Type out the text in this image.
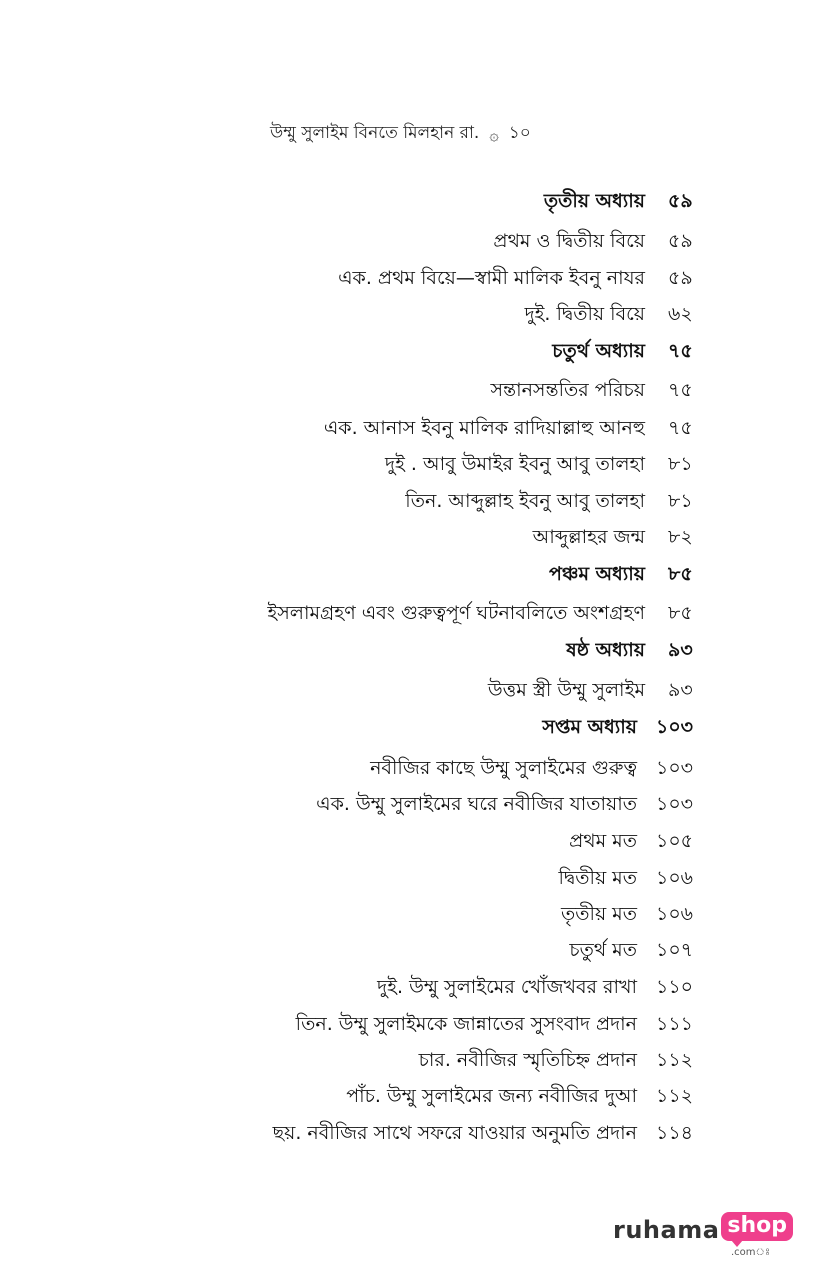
উম্মু সুলাইম বিনতে মিলহান রা. ۞ ১০
তৃতীয় অধ্যায় ৫৯
প্রথম ও দ্বিতীয় বিয়ে ৫৯
এক. প্রথম বিয়ে—স্বামী মালিক ইবনু নাযর ৫৯
দুই. দ্বিতীয় বিয়ে ৬২
চতুর্থ অধ্যায় ৭৫
সন্তানসন্ততির পরিচয় ৭৫
এক. আনাস ইবনু মালিক রাদিয়াল্লাহু আনহু ৭৫
দুই . আবু উমাইর ইবনু আবু তালহা ৮১
তিন. আব্দুল্লাহ ইবনু আবু তালহা ৮১
আব্দুল্লাহর জন্ম ৮২
পঞ্চম অধ্যায় ৮৫
ইসলামগ্রহণ এবং গুরুত্বপূর্ণ ঘটনাবলিতে অংশগ্রহণ ৮৫
ষষ্ঠ অধ্যায় ৯৩
উত্তম স্ত্রী উম্মু সুলাইম ৯৩
সপ্তম অধ্যায় ১০৩
নবীজির কাছে উম্মু সুলাইমের গুরুত্ব ১০৩
এক. উম্মু সুলাইমের ঘরে নবীজির যাতায়াত ১০৩
প্রথম মত ১০৫
দ্বিতীয় মত ১০৬
তৃতীয় মত ১০৬
চতুর্থ মত ১০৭
দুই. উম্মু সুলাইমের খোঁজখবর রাখা ১১০
তিন. উম্মু সুলাইমকে জান্নাতের সুসংবাদ প্রদান ১১১
চার. নবীজির স্মৃতিচিহ্ন প্রদান ১১২
পাঁচ. উম্মু সুলাইমের জন্য নবীজির দুআ ১১২
ছয়. নবীজির সাথে সফরে যাওয়ার অনুমতি প্রদান ১১৪
ruhama shop
.comঃ
